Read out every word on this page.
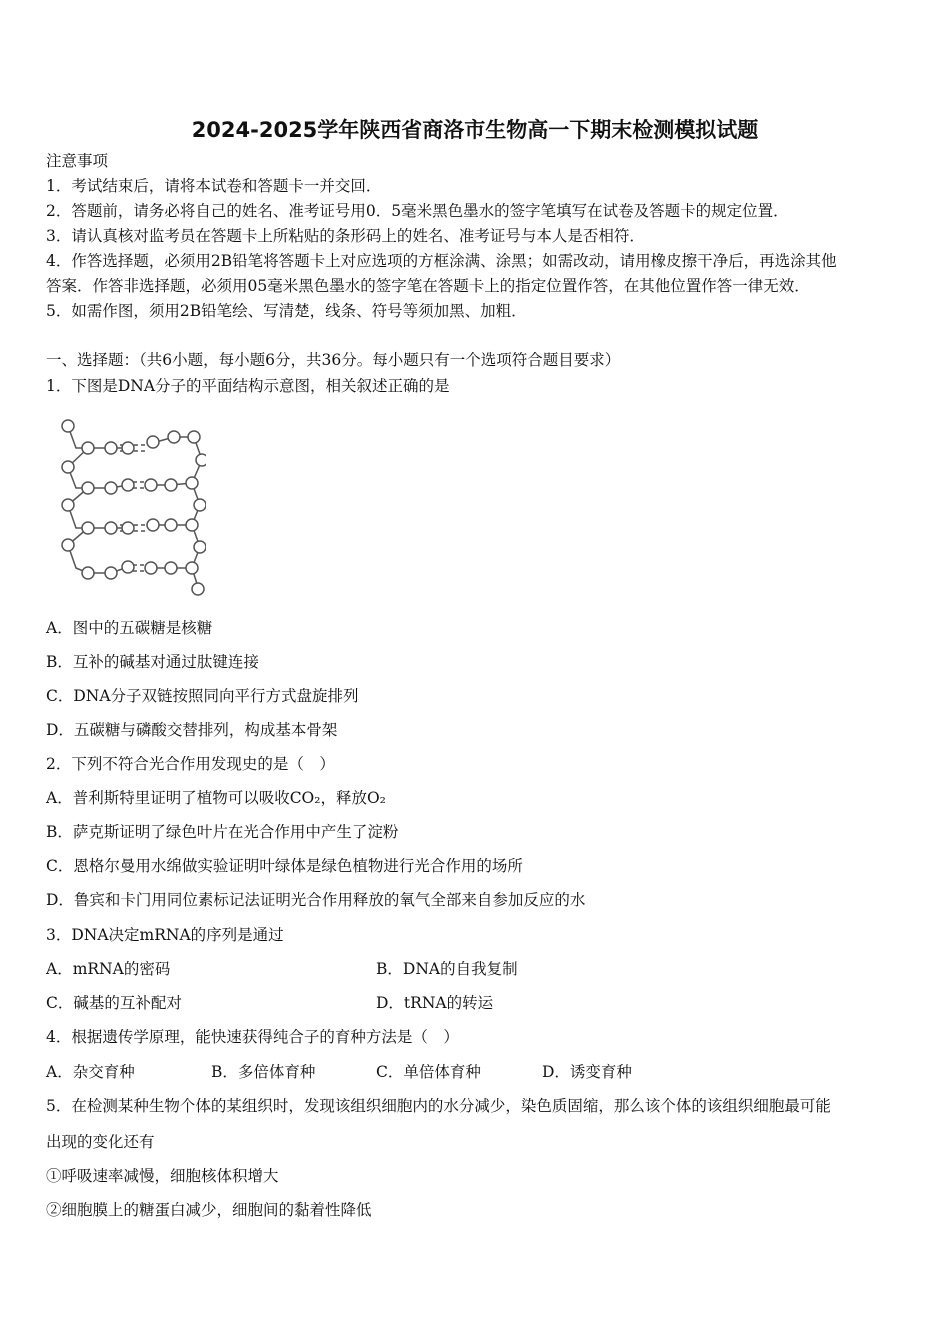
2024-2025学年陕西省商洛市生物高一下期末检测模拟试题
注意事项
1．考试结束后，请将本试卷和答题卡一并交回．
2．答题前，请务必将自己的姓名、准考证号用0．5毫米黑色墨水的签字笔填写在试卷及答题卡的规定位置．
3．请认真核对监考员在答题卡上所粘贴的条形码上的姓名、准考证号与本人是否相符．
4．作答选择题，必须用2B铅笔将答题卡上对应选项的方框涂满、涂黑；如需改动，请用橡皮擦干净后，再选涂其他
答案．作答非选择题，必须用05毫米黑色墨水的签字笔在答题卡上的指定位置作答，在其他位置作答一律无效．
5．如需作图，须用2B铅笔绘、写清楚，线条、符号等须加黑、加粗．
一、选择题：（共6小题，每小题6分，共36分。每小题只有一个选项符合题目要求）
1．下图是DNA分子的平面结构示意图，相关叙述正确的是
A．图中的五碳糖是核糖
B．互补的碱基对通过肽键连接
C．DNA分子双链按照同向平行方式盘旋排列
D．五碳糖与磷酸交替排列，构成基本骨架
2．下列不符合光合作用发现史的是（　）
A．普利斯特里证明了植物可以吸收CO₂，释放O₂
B．萨克斯证明了绿色叶片在光合作用中产生了淀粉
C．恩格尔曼用水绵做实验证明叶绿体是绿色植物进行光合作用的场所
D．鲁宾和卡门用同位素标记法证明光合作用释放的氧气全部来自参加反应的水
3．DNA决定mRNA的序列是通过
A．mRNA的密码	B．DNA的自我复制
C．碱基的互补配对	D．tRNA的转运
4．根据遗传学原理，能快速获得纯合子的育种方法是（　）
A．杂交育种	B．多倍体育种	C．单倍体育种	D．诱变育种
5．在检测某种生物个体的某组织时，发现该组织细胞内的水分减少，染色质固缩，那么该个体的该组织细胞最可能
出现的变化还有
①呼吸速率减慢，细胞核体积增大
②细胞膜上的糖蛋白减少，细胞间的黏着性降低
